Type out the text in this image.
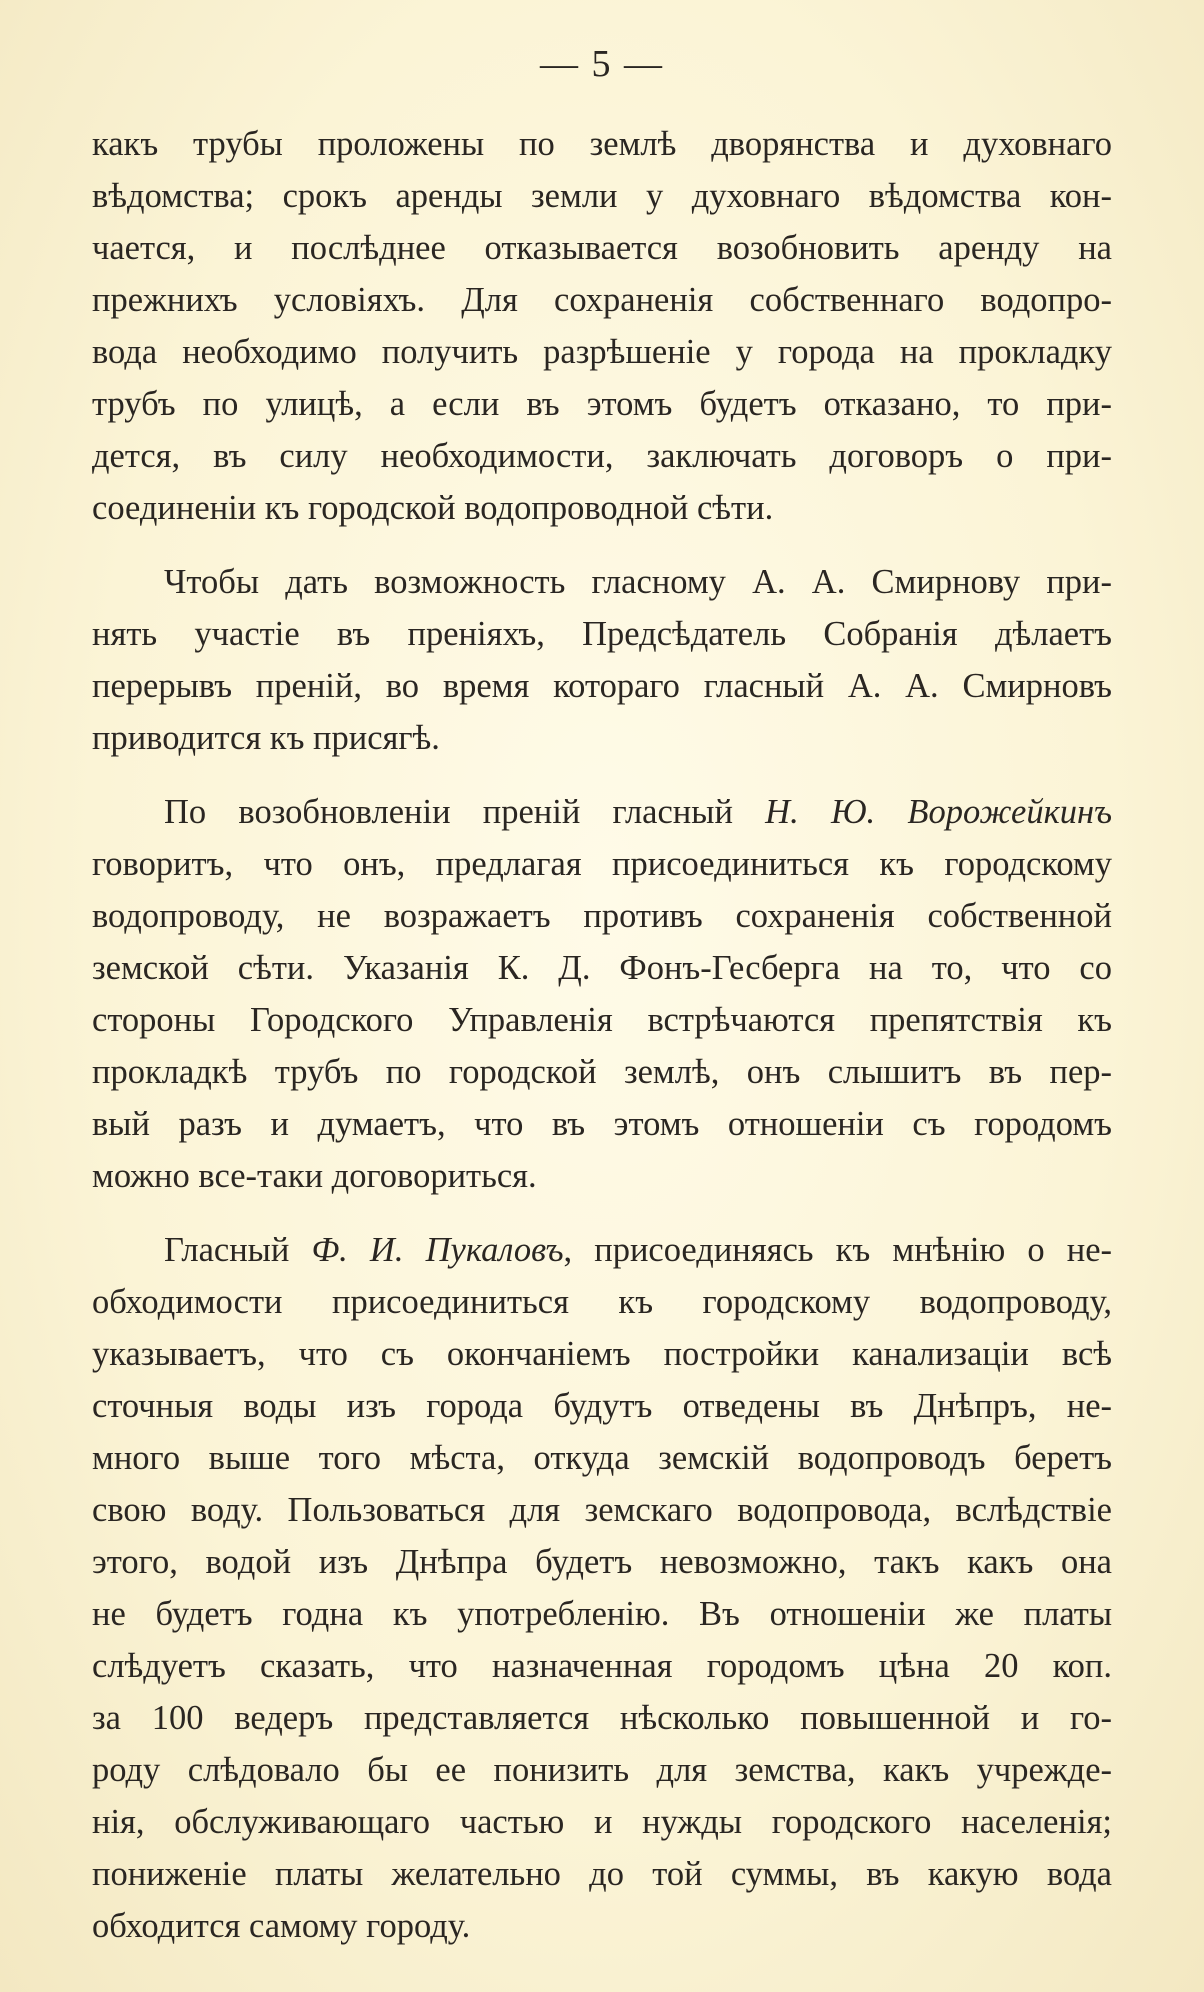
— 5 —

какъ трубы проложены по землѣ дворянства и духовнаго
вѣдомства; срокъ аренды земли у духовнаго вѣдомства кон-
чается, и послѣднее отказывается возобновить аренду на
прежнихъ условіяхъ. Для сохраненія собственнаго водопро-
вода необходимо получить разрѣшеніе у города на прокладку
трубъ по улицѣ, а если въ этомъ будетъ отказано, то при-
дется, въ силу необходимости, заключать договоръ о при-
соединеніи къ городской водопроводной сѣти.

Чтобы дать возможность гласному А. А. Смирнову при-
нять участіе въ преніяхъ, Предсѣдатель Собранія дѣлаетъ
перерывъ преній, во время котораго гласный А. А. Смирновъ
приводится къ присягѣ.

По возобновленіи преній гласный Н. Ю. Ворожейкинъ
говоритъ, что онъ, предлагая присоединиться къ городскому
водопроводу, не возражаетъ противъ сохраненія собственной
земской сѣти. Указанія К. Д. Фонъ-Гесберга на то, что со
стороны Городского Управленія встрѣчаются препятствія къ
прокладкѣ трубъ по городской землѣ, онъ слышитъ въ пер-
вый разъ и думаетъ, что въ этомъ отношеніи съ городомъ
можно все-таки договориться.

Гласный Ф. И. Пукаловъ, присоединяясь къ мнѣнію о не-
обходимости присоединиться къ городскому водопроводу,
указываетъ, что съ окончаніемъ постройки канализаціи всѣ
сточныя воды изъ города будутъ отведены въ Днѣпръ, не-
много выше того мѣста, откуда земскій водопроводъ беретъ
свою воду. Пользоваться для земскаго водопровода, вслѣдствіе
этого, водой изъ Днѣпра будетъ невозможно, такъ какъ она
не будетъ годна къ употребленію. Въ отношеніи же платы
слѣдуетъ сказать, что назначенная городомъ цѣна 20 коп.
за 100 ведеръ представляется нѣсколько повышенной и го-
роду слѣдовало бы ее понизить для земства, какъ учрежде-
нія, обслуживающаго частью и нужды городского населенія;
пониженіе платы желательно до той суммы, въ какую вода
обходится самому городу.
